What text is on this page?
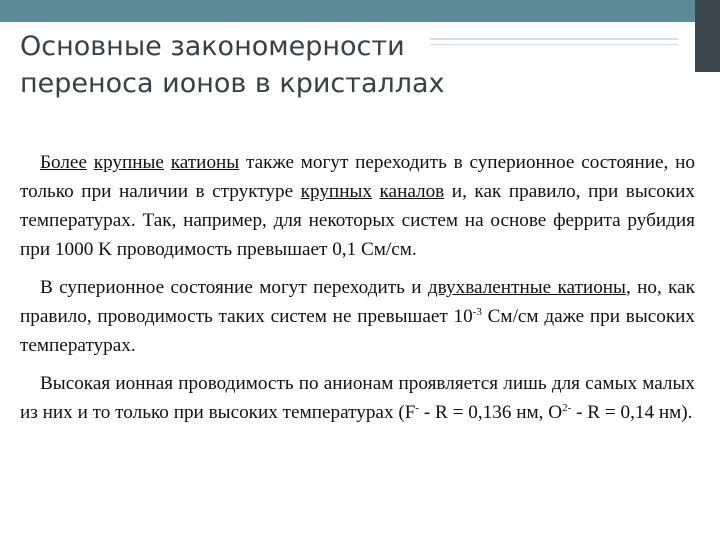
Основные закономерности
переноса ионов в кристаллах

Более крупные катионы также могут переходить в суперионное состояние, но только при наличии в структуре крупных каналов и, как правило, при высоких температурах. Так, например, для некоторых систем на основе феррита рубидия при 1000 K проводимость превышает 0,1 См/см.

В суперионное состояние могут переходить и двухвалентные катионы, но, как правило, проводимость таких систем не превышает $10^{-3}$ См/см даже при высоких температурах.

Высокая ионная проводимость по анионам проявляется лишь для самых малых из них и то только при высоких температурах (F- - R = 0,136 нм, $O^{2-} - R = 0,14$ нм).
